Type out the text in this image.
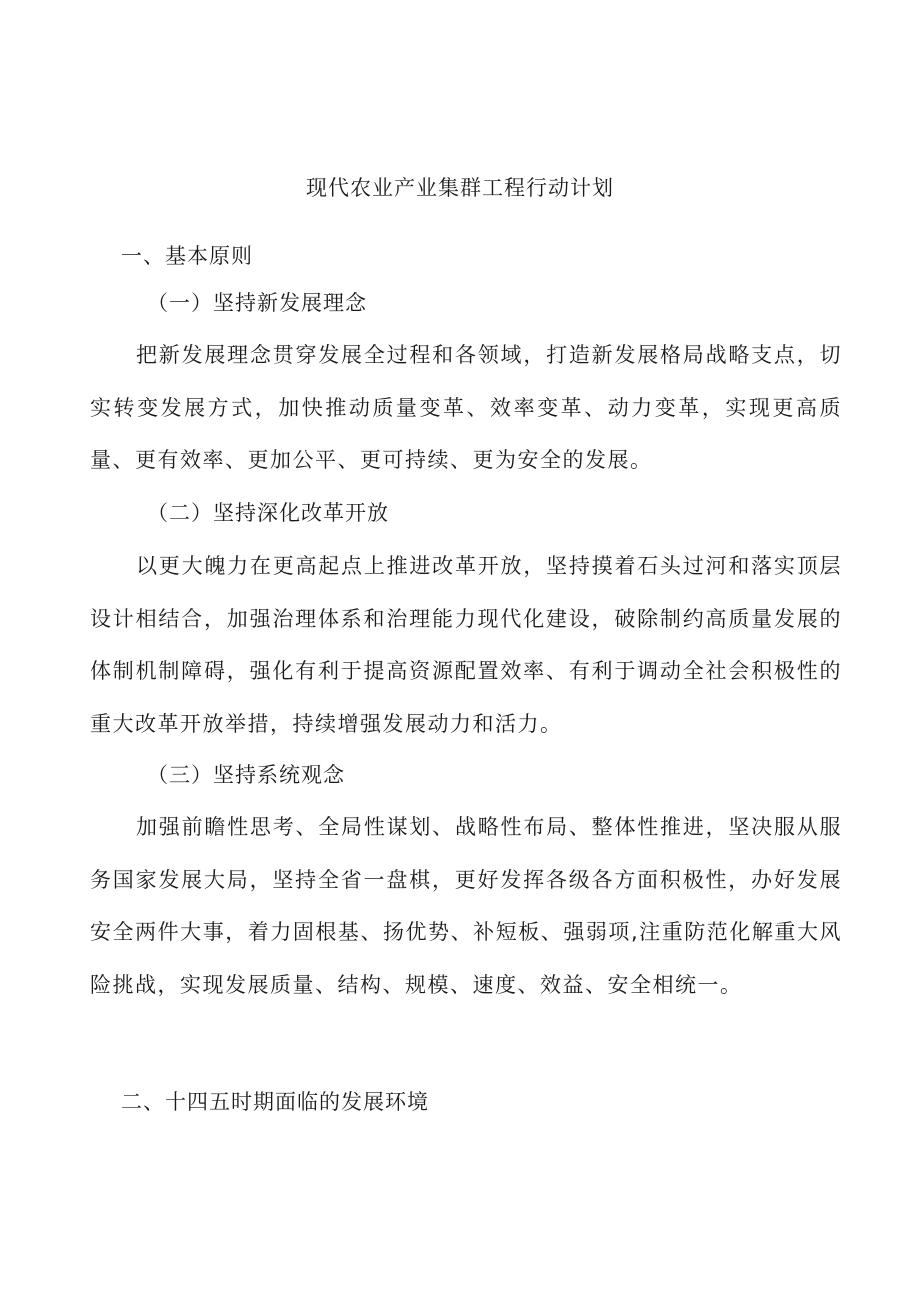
现代农业产业集群工程行动计划
一、基本原则
（一）坚持新发展理念
把新发展理念贯穿发展全过程和各领域，打造新发展格局战略支点，切实转变发展方式，加快推动质量变革、效率变革、动力变革，实现更高质量、更有效率、更加公平、更可持续、更为安全的发展。
（二）坚持深化改革开放
以更大魄力在更高起点上推进改革开放，坚持摸着石头过河和落实顶层设计相结合，加强治理体系和治理能力现代化建设，破除制约高质量发展的体制机制障碍，强化有利于提高资源配置效率、有利于调动全社会积极性的重大改革开放举措，持续增强发展动力和活力。
（三）坚持系统观念
加强前瞻性思考、全局性谋划、战略性布局、整体性推进，坚决服从服务国家发展大局，坚持全省一盘棋，更好发挥各级各方面积极性，办好发展安全两件大事，着力固根基、扬优势、补短板、强弱项,注重防范化解重大风险挑战，实现发展质量、结构、规模、速度、效益、安全相统一。
二、十四五时期面临的发展环境
